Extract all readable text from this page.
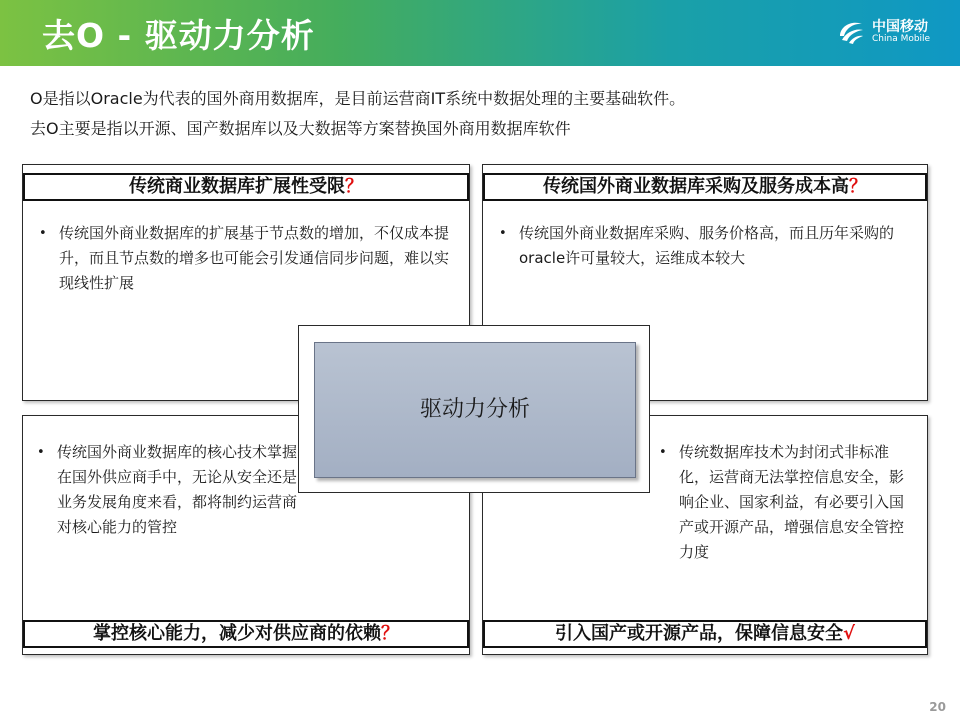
去O - 驱动力分析	中国移动
China Mobile
O是指以Oracle为代表的国外商用数据库，是目前运营商IT系统中数据处理的主要基础软件。
去O主要是指以开源、国产数据库以及大数据等方案替换国外商用数据库软件
传统商业数据库扩展性受限？
• 传统国外商业数据库的扩展基于节点数的增加，不仅成本提升，而且节点数的增多也可能会引发通信同步问题，难以实现线性扩展
传统国外商业数据库采购及服务成本高？
• 传统国外商业数据库采购、服务价格高，而且历年采购的oracle许可量较大，运维成本较大
• 传统国外商业数据库的核心技术掌握在国外供应商手中，无论从安全还是业务发展角度来看，都将制约运营商对核心能力的管控
掌控核心能力，减少对供应商的依赖？
• 传统数据库技术为封闭式非标准化，运营商无法掌控信息安全，影响企业、国家利益，有必要引入国产或开源产品，增强信息安全管控力度
引入国产或开源产品，保障信息安全√
驱动力分析
20
